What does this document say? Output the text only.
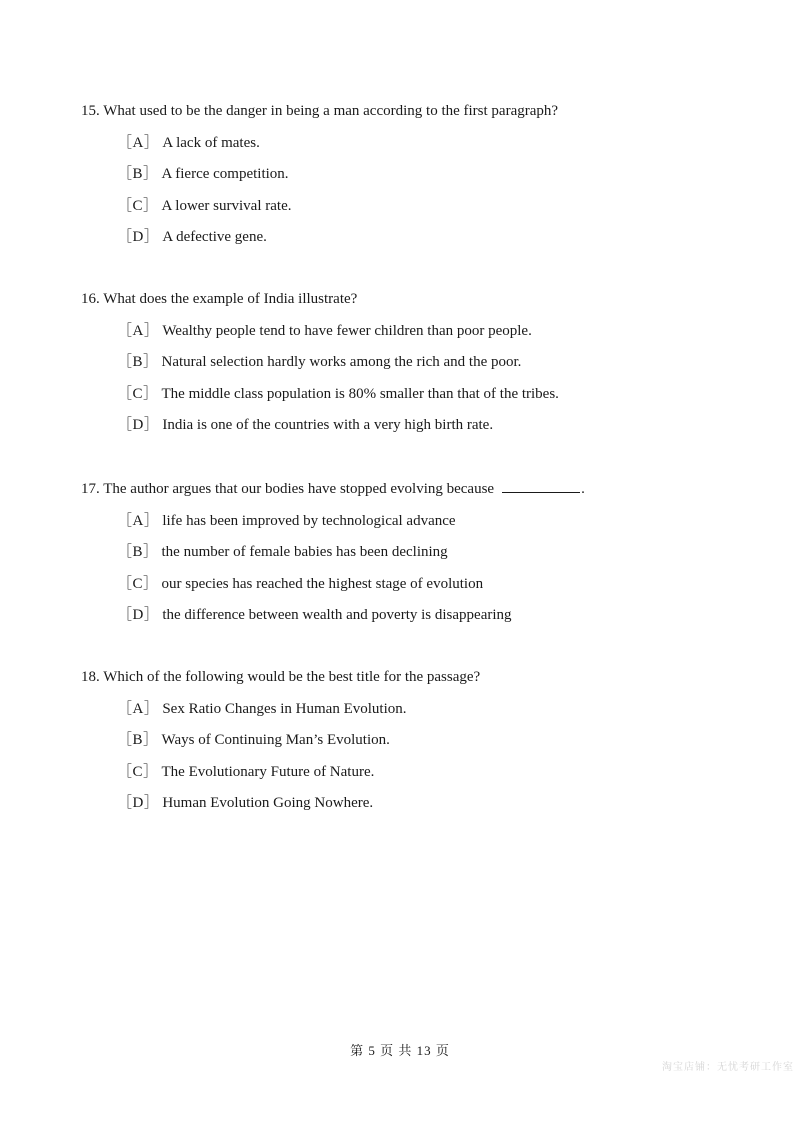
15. What used to be the danger in being a man according to the first paragraph?

［A］ A lack of mates.
［B］ A fierce competition.
［C］ A lower survival rate.
［D］ A defective gene.

16. What does the example of India illustrate?

［A］ Wealthy people tend to have fewer children than poor people.
［B］ Natural selection hardly works among the rich and the poor.
［C］ The middle class population is 80% smaller than that of the tribes.
［D］ India is one of the countries with a very high birth rate.

17. The author argues that our bodies have stopped evolving because	.

［A］ life has been improved by technological advance
［B］ the number of female babies has been declining
［C］ our species has reached the highest stage of evolution
［D］ the difference between wealth and poverty is disappearing

18. Which of the following would be the best title for the passage?

［A］ Sex Ratio Changes in Human Evolution.
［B］ Ways of Continuing Man’s Evolution.
［C］ The Evolutionary Future of Nature.
［D］ Human Evolution Going Nowhere.
第 5 页 共 13 页
淘宝店铺：无忧考研工作室
